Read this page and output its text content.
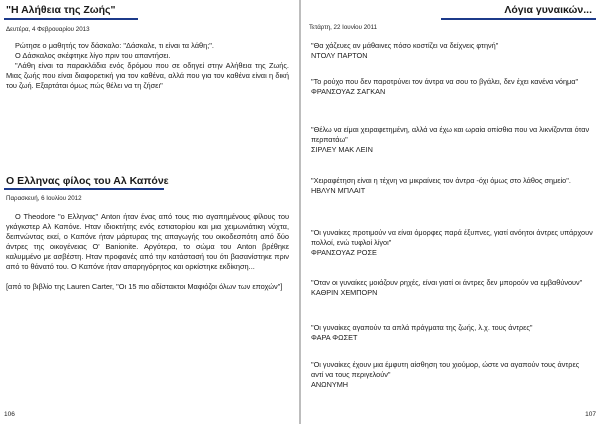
"Η Αλήθεια της Ζωής"
Δευτέρα, 4 Φεβρουαρίου 2013

Ρώτησε ο μαθητής τον δάσκαλο: "Δάσκαλε, τι είναι τα λάθη;".

Ο Δάσκαλος σκέφτηκε λίγο πριν του απαντήσει.

"Λάθη είναι τα παρακλάδια ενός δρόμου που σε οδηγεί στην Αλήθεια της Ζωής. Μιας ζωής που είναι διαφορετική για τον καθένα, αλλά που για τον καθένα είναι η δική του ζωή. Εξαρτάται όμως πώς θέλει να τη ζήσει"

Ο Ελληνας φίλος του Αλ Καπόνε
Παρασκευή, 6 Ιουλίου 2012

O Theodore "ο Ελληνας" Anton ήταν ένας από τους πιο αγαπημένους φίλους του γκάγκστερ Αλ Καπόνε. Ηταν ιδιοκτήτης ενός εστιατορίου και μια χειμωνιάτικη νύχτα, δειπνώντας εκεί, ο Καπόνε ήταν μάρτυρας της απαγωγής του οικοδεσπότη από δύο άντρες της οικογένειας Ο' Banionite. Αργότερα, το σώμα του Anton βρέθηκε καλυμμένο με ασβέστη. Ηταν προφανές από την κατάστασή του ότι βασανίστηκε πριν από το θάνατό του. Ο Καπόνε ήταν απαρηγόρητος και ορκίστηκε εκδίκηση...

[από το βιβλίο της Lauren Carter, "Οι 15 πιο αδίστακτοι Μαφιόζοι όλων των εποχών"]

106
Λόγια γυναικών...
Τετάρτη, 22 Ιουνίου 2011
"Θα χάζευες αν μάθαινες πόσο κοστίζει να δείχνεις φτηνή"
ΝΤΟΛΥ ΠΑΡΤΟΝ
"Το ρούχο που δεν παροτρύνει τον άντρα να σου το βγάλει, δεν έχει κανένα νόημα"
ΦΡΑΝΣΟΥΑΖ ΣΑΓΚΑΝ
"Θέλω να είμαι χειραφετημένη, αλλά να έχω και ωραία οπίσθια που να λικνίζονται όταν περπατάω"
ΣΙΡΛΕΥ ΜΑΚ ΛΕΙΝ
"Χειραφέτηση είναι η τέχνη να μικραίνεις τον άντρα -όχι όμως στο λάθος σημείο".
ΗΒΛΥΝ ΜΠΛΑΙΤ
"Οι γυναίκες προτιμούν να είναι όμορφες παρά έξυπνες, γιατί ανόητοι άντρες υπάρχουν πολλοί, ενώ τυφλοί λίγοι"
ΦΡΑΝΣΟΥΑΖ ΡΟΣΕ
"Οταν οι γυναίκες μοιάζουν ρηχές, είναι γιατί οι άντρες δεν μπορούν να εμβαθύνουν"
ΚΑΘΡΙΝ ΧΕΜΠΟΡΝ
"Οι γυναίκες αγαπούν τα απλά πράγματα της ζωής, λ.χ. τους άντρες"
ΦΑΡΑ ΦΩΣΕΤ
"Οι γυναίκες έχουν μια έμφυτη αίσθηση του χιούμορ, ώστε να αγαπούν τους άντρες αντί να τους περιγελούν"
ΑΝΩΝΥΜΗ
107
